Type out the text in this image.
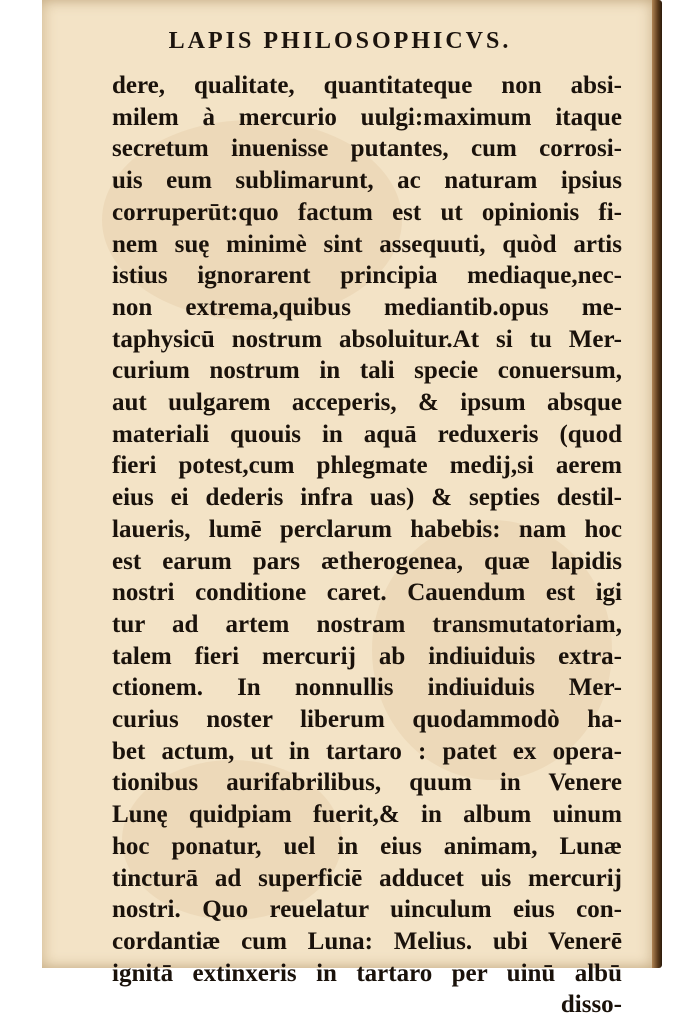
LAPIS PHILOSOPHICVS.
dere, qualitate, quantitateque non absi-
milem à mercurio uulgi:maximum itaque
secretum inuenisse putantes, cum corrosi-
uis eum sublimarunt, ac naturam ipsius
corruperūt:quo factum est ut opinionis fi-
nem suę minimè sint assequuti, quòd artis
istius ignorarent principia mediaque,nec-
non extrema,quibus mediantib.opus me-
taphysicū nostrum absoluitur.At si tu Mer-
curium nostrum in tali specie conuersum,
aut uulgarem acceperis, & ipsum absque
materiali quouis in aquā reduxeris (quod
fieri potest,cum phlegmate medij,si aerem
eius ei dederis infra uas) & septies destil-
laueris, lumē perclarum habebis: nam hoc
est earum pars ætherogenea, quæ lapidis
nostri conditione caret. Cauendum est igi
tur ad artem nostram transmutatoriam,
talem fieri mercurij ab indiuiduis extra-
ctionem. In nonnullis indiuiduis Mer-
curius noster liberum quodammodò ha-
bet actum, ut in tartaro : patet ex opera-
tionibus aurifabrilibus, quum in Venere
Lunę quidpiam fuerit,& in album uinum
hoc ponatur, uel in eius animam, Lunæ
tincturā ad superficiē adducet uis mercurij
nostri. Quo reuelatur uinculum eius con-
cordantiæ cum Luna: Melius. ubi Venerē
ignitā extinxeris in tartaro per uinū albū
disso-
